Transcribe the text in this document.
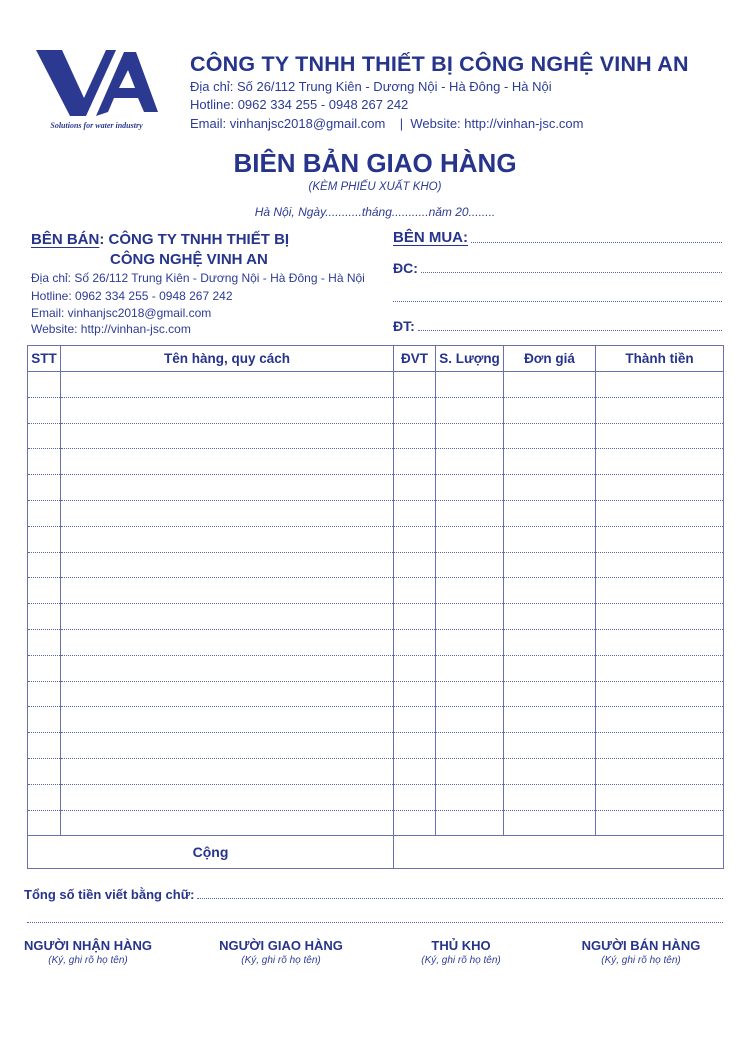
Solutions for water industry
CÔNG TY TNHH THIẾT BỊ CÔNG NGHỆ VINH AN
Địa chỉ: Số 26/112 Trung Kiên - Dương Nội - Hà Đông - Hà Nội
Hotline: 0962 334 255 - 0948 267 242
Email: vinhanjsc2018@gmail.com    |  Website: http://vinhan-jsc.com
BIÊN BẢN GIAO HÀNG
(KÈM PHIẾU XUẤT KHO)
Hà Nội, Ngày...........tháng...........năm 20........
BÊN BÁN: CÔNG TY TNHH THIẾT BỊ
CÔNG NGHỆ VINH AN
Địa chỉ: Số 26/112 Trung Kiên - Dương Nội - Hà Đông - Hà Nội
Hotline: 0962 334 255 - 0948 267 242
Email: vinhanjsc2018@gmail.com
Website: http://vinhan-jsc.com
BÊN MUA:
ĐC:
ĐT:
STT	Tên hàng, quy cách	ĐVT	S. Lượng	Đơn giá	Thành tiền

Cộng					
Tổng số tiền viết bằng chữ:
NGƯỜI NHẬN HÀNG
(Ký, ghi rõ họ tên)
NGƯỜI GIAO HÀNG
(Ký, ghi rõ họ tên)
THỦ KHO
(Ký, ghi rõ họ tên)
NGƯỜI BÁN HÀNG
(Ký, ghi rõ họ tên)
